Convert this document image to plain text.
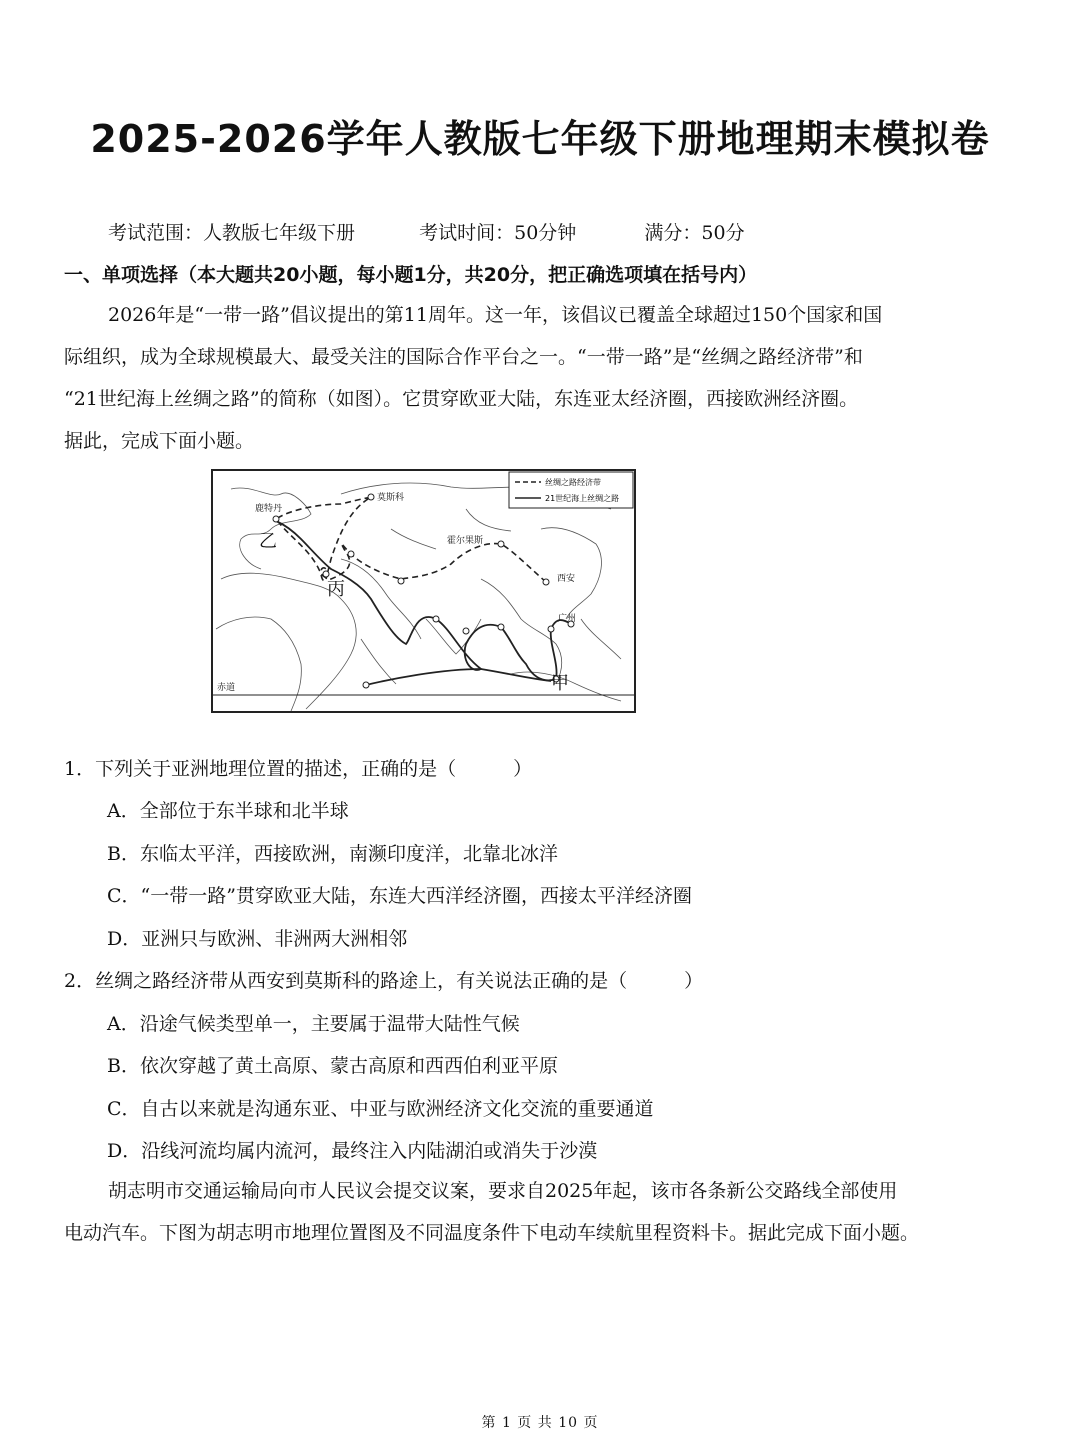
2025-2026学年人教版七年级下册地理期末模拟卷
考试范围：人教版七年级下册	考试时间：50分钟	满分：50分
一、单项选择（本大题共20小题，每小题1分，共20分，把正确选项填在括号内）
2026年是“一带一路”倡议提出的第11周年。这一年，该倡议已覆盖全球超过150个国家和国
际组织，成为全球规模最大、最受关注的国际合作平台之一。“一带一路”是“丝绸之路经济带”和
“21世纪海上丝绸之路”的简称（如图）。它贯穿欧亚大陆，东连亚太经济圈，西接欧洲经济圈。
据此，完成下面小题。
丝绸之路经济带
21世纪海上丝绸之路
莫斯科
鹿特丹
霍尔果斯
西安
广州
赤道
乙
丙
甲
1．下列关于亚洲地理位置的描述，正确的是（　　　）
A．全部位于东半球和北半球
B．东临太平洋，西接欧洲，南濒印度洋，北靠北冰洋
C．“一带一路”贯穿欧亚大陆，东连大西洋经济圈，西接太平洋经济圈
D．亚洲只与欧洲、非洲两大洲相邻
2．丝绸之路经济带从西安到莫斯科的路途上，有关说法正确的是（　　　）
A．沿途气候类型单一，主要属于温带大陆性气候
B．依次穿越了黄土高原、蒙古高原和西西伯利亚平原
C．自古以来就是沟通东亚、中亚与欧洲经济文化交流的重要通道
D．沿线河流均属内流河，最终注入内陆湖泊或消失于沙漠
胡志明市交通运输局向市人民议会提交议案，要求自2025年起，该市各条新公交路线全部使用
电动汽车。下图为胡志明市地理位置图及不同温度条件下电动车续航里程资料卡。据此完成下面小题。
第 1 页 共 10 页
